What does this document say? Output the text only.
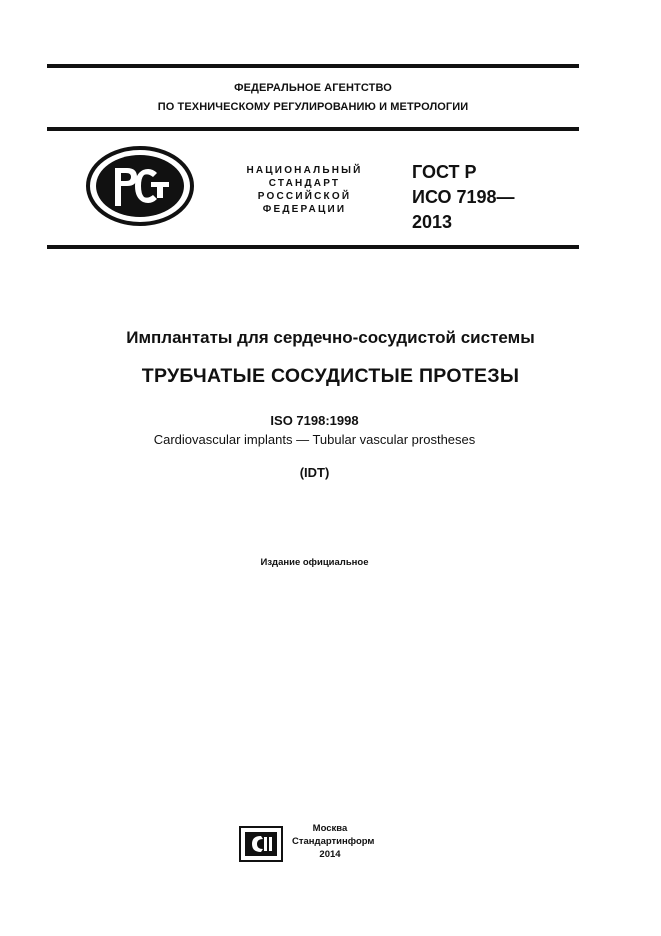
ФЕДЕРАЛЬНОЕ АГЕНТСТВО
ПО ТЕХНИЧЕСКОМУ РЕГУЛИРОВАНИЮ И МЕТРОЛОГИИ
НАЦИОНАЛЬНЫЙ
СТАНДАРТ
РОССИЙСКОЙ
ФЕДЕРАЦИИ
ГОСТ Р
ИСО 7198—
2013
Имплантаты для сердечно-сосудистой системы
ТРУБЧАТЫЕ СОСУДИСТЫЕ ПРОТЕЗЫ
ISO 7198:1998
Cardiovascular implants — Tubular vascular prostheses
(IDT)
Издание официальное
Москва
Стандартинформ
2014
